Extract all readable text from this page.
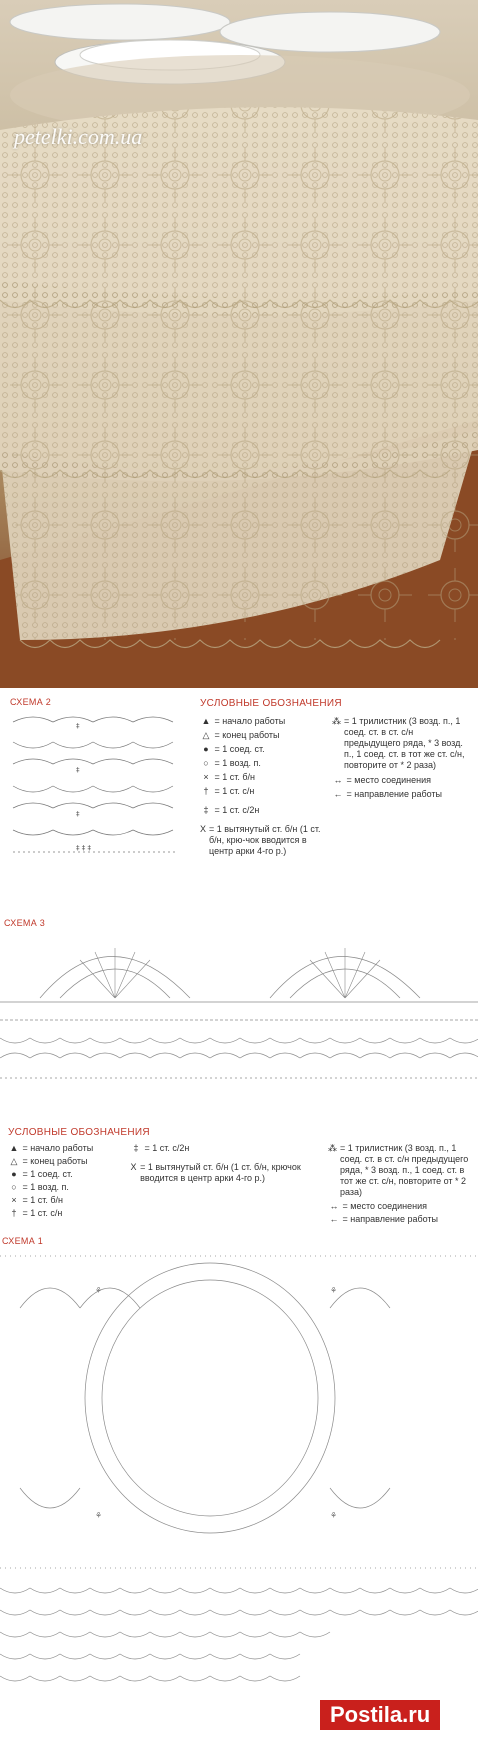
petelki.com.ua
СХЕМА 2
‡
‡
‡
‡ ‡ ‡
УСЛОВНЫЕ ОБОЗНАЧЕНИЯ
▲ = начало работы
△ = конец работы
● = 1 соед. ст.
○ = 1 возд. п.
× = 1 ст. б/н
† = 1 ст. с/н
‡ = 1 ст. с/2н
X = 1 вытянутый ст. б/н (1 ст. б/н, крю-чок вводится в центр арки 4-го р.)
⁂ = 1 трилистник (3 возд. п., 1 соед. ст. в ст. с/н предыдущего ряда, * 3 возд. п., 1 соед. ст. в тот же ст. с/н, повторите от * 2 раза)
↔ = место соединения
← = направление работы
СХЕМА 3
УСЛОВНЫЕ ОБОЗНАЧЕНИЯ
▲ = начало работы
△ = конец работы
● = 1 соед. ст.
○ = 1 возд. п.
× = 1 ст. б/н
† = 1 ст. с/н
‡ = 1 ст. с/2н
X = 1 вытянутый ст. б/н (1 ст. б/н, крючок вводится в центр арки 4-го р.)
⁂ = 1 трилистник (3 возд. п., 1 соед. ст. в ст. с/н предыдущего ряда, * 3 возд. п., 1 соед. ст. в тот же ст. с/н, повторите от * 2 раза)
↔ = место соединения
← = направление работы
СХЕМА 1
⚘	⚘
⚘	⚘
Postila.ru
